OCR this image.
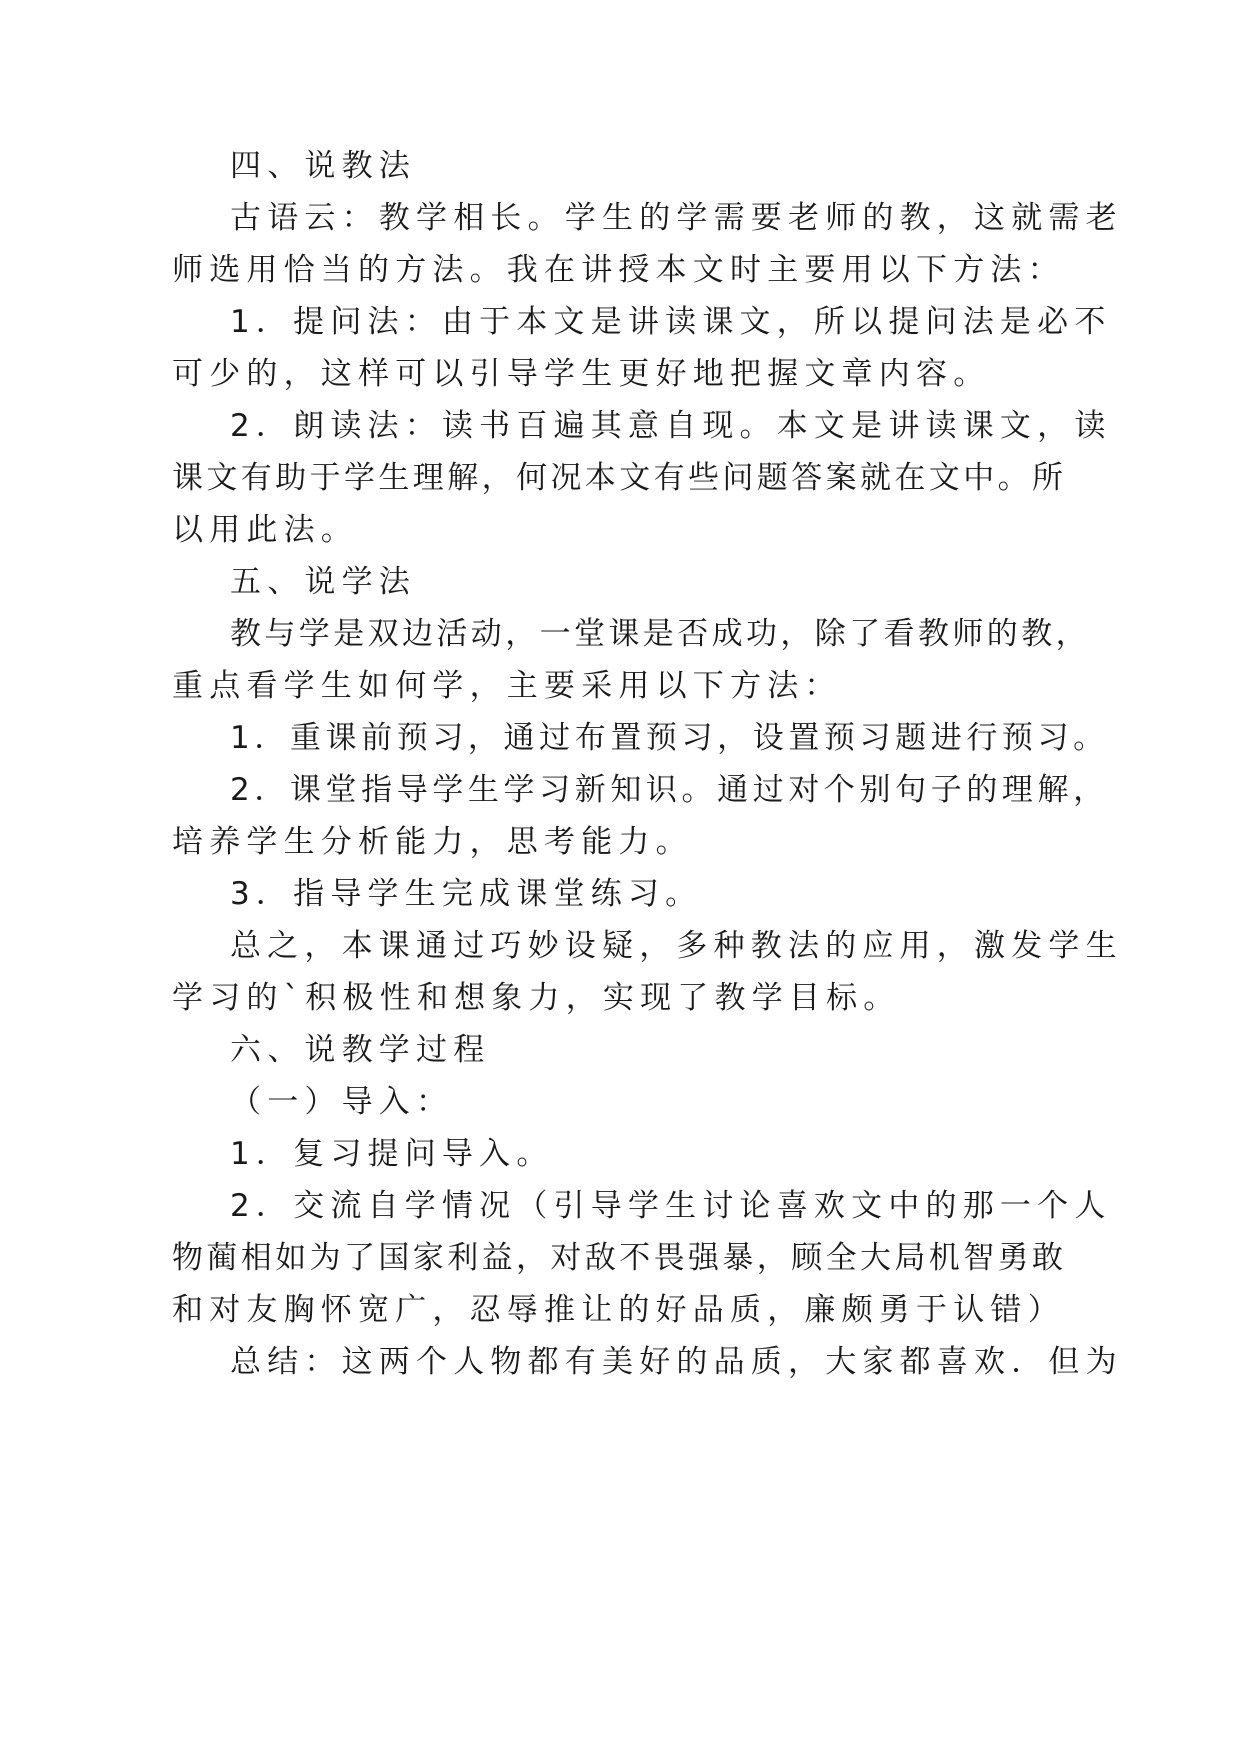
四、说教法

古语云：教学相长。学生的学需要老师的教，这就需老

师选用恰当的方法。我在讲授本文时主要用以下方法：

1．提问法：由于本文是讲读课文，所以提问法是必不

可少的，这样可以引导学生更好地把握文章内容。

2．朗读法：读书百遍其意自现。本文是讲读课文，读

课文有助于学生理解，何况本文有些问题答案就在文中。所

以用此法。

五、说学法

教与学是双边活动，一堂课是否成功，除了看教师的教，

重点看学生如何学，主要采用以下方法：

1．重课前预习，通过布置预习，设置预习题进行预习。

2．课堂指导学生学习新知识。通过对个别句子的理解，

培养学生分析能力，思考能力。

3．指导学生完成课堂练习。

总之，本课通过巧妙设疑，多种教法的应用，激发学生

学习的`积极性和想象力，实现了教学目标。

六、说教学过程

（一）导入：

1．复习提问导入。

2．交流自学情况（引导学生讨论喜欢文中的那一个人

物蔺相如为了国家利益，对敌不畏强暴，顾全大局机智勇敢

和对友胸怀宽广，忍辱推让的好品质，廉颇勇于认错）

总结：这两个人物都有美好的品质，大家都喜欢．但为
